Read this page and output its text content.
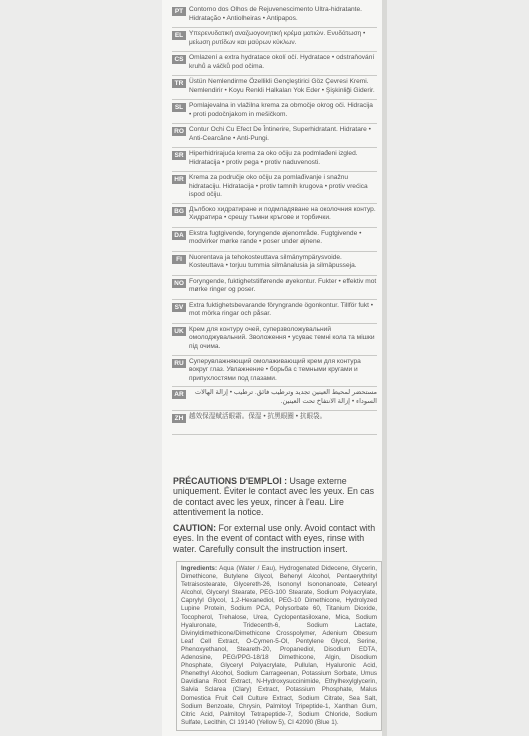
PT Contorno dos Olhos de Rejuvenescimento Ultra-hidratante. Hidratação • Antiolheiras • Antipapos.
EL Υπερενυδατική αναζωογονητική κρέμα ματιών. Ενυδάτωση • μείωση ρυτίδων και μαύρων κύκλων.
CS Omlazení a extra hydratace okolí očí. Hydratace • odstraňování kruhů a váčků pod očima.
TR Üstün Nemlendirme Özellikli Gençleştirici Göz Çevresi Kremi. Nemlendirir • Koyu Renkli Halkaları Yok Eder • Şişkinliği Giderir.
SL Pomlajevalna in vlažilna krema za območje okrog oči. Hidracija • proti podočnjakom in mešičkom.
RO Contur Ochi Cu Efect De Întinerire, Superhidratant. Hidratare • Anti-Cearcăne • Anti-Pungi.
SR Hiperhidrirajuća krema za oko očiju za podmlađeni izgled. Hidratacija • protiv pega • protiv naduvenosti.
HR Krema za područje oko očiju za pomlađivanje i snažnu hidrataciju. Hidratacija • protiv tamnih krugova • protiv vrećica ispod očiju.
BG Дълбоко хидратиране и подмладяване на околочния контур. Хидратира • срещу тъмни кръгове и торбички.
DA Ekstra fugtgivende, foryngende øjenområde. Fugtgivende • modvirker mørke rande • poser under øjnene.
FI	Nuorentava ja tehokosteuttava silmänympärysvoide. Kosteuttava • torjuu tummia silmänalusia ja silmäpusseja.
NO Foryngende, fuktighetstilførende øyekontur. Fukter • effektiv mot mørke ringer og poser.
SV Extra fuktighetsbevarande föryngrande ögonkontur. Tillför fukt • mot mörka ringar och påsar.
UK Крем для контуру очей, суперзволожувальний омолоджувальний. Зволоження • усуває темні кола та мішки під очима.
RU Суперувлажняющий омолаживающий крем для контура вокруг глаз. Увлажнение • борьба с темными кругами и припухлостями под глазами.
AR	مستحضر لمحيط العينين تجديد وترطيب فائق. ترطيب • إزالة الهالات السوداء • إزالة الانتفاخ تحت العينين.
ZH 越效保湿赋活眼霜。保湿 • 抗黑眼圈 • 抗眼袋。

PRÉCAUTIONS D'EMPLOI : Usage externe uniquement. Éviter le contact avec les yeux. En cas de contact avec les yeux, rincer à l'eau. Lire attentivement la notice.

CAUTION: For external use only. Avoid contact with eyes. In the event of contact with eyes, rinse with water. Carefully consult the instruction insert.

Ingredients: Aqua (Water / Eau), Hydrogenated Didecene, Glycerin, Dimethicone, Butylene Glycol, Behenyl Alcohol, Pentaerythrityl Tetraisostearate, Glycereth-26, Isononyl Isononanoate, Cetearyl Alcohol, Glyceryl Stearate, PEG-100 Stearate, Sodium Polyacrylate, Caprylyl Glycol, 1,2-Hexanediol, PEG-10 Dimethicone, Hydrolyzed Lupine Protein, Sodium PCA, Polysorbate 60, Titanium Dioxide, Tocopherol, Trehalose, Urea, Cyclopentasiloxane, Mica, Sodium Hyaluronate, Tridecenth-6, Sodium Lactate, Divinyldimethicone/Dimethicone Crosspolymer, Adenium Obesum Leaf Cell Extract, O-Cymen-5-Ol, Pentylene Glycol, Serine, Phenoxyethanol, Steareth-20, Propanediol, Disodium EDTA, Adenosine, PEG/PPG-18/18 Dimethicone, Algin, Disodium Phosphate, Glyceryl Polyacrylate, Pullulan, Hyaluronic Acid, Phenethyl Alcohol, Sodium Carrageenan, Potassium Sorbate, Umus Davidiana Root Extract, N-Hydroxysuccinimide, Ethylhexylglycerin, Salvia Sclarea (Clary) Extract, Potassium Phosphate, Malus Domestica Fruit Cell Culture Extract, Sodium Citrate, Sea Salt, Sodium Benzoate, Chrysin, Palmitoyl Tripeptide-1, Xanthan Gum, Citric Acid, Palmitoyl Tetrapeptide-7, Sodium Chloride, Sodium Sulfate, Lecithin, CI 19140 (Yellow 5), CI 42090 (Blue 1).
